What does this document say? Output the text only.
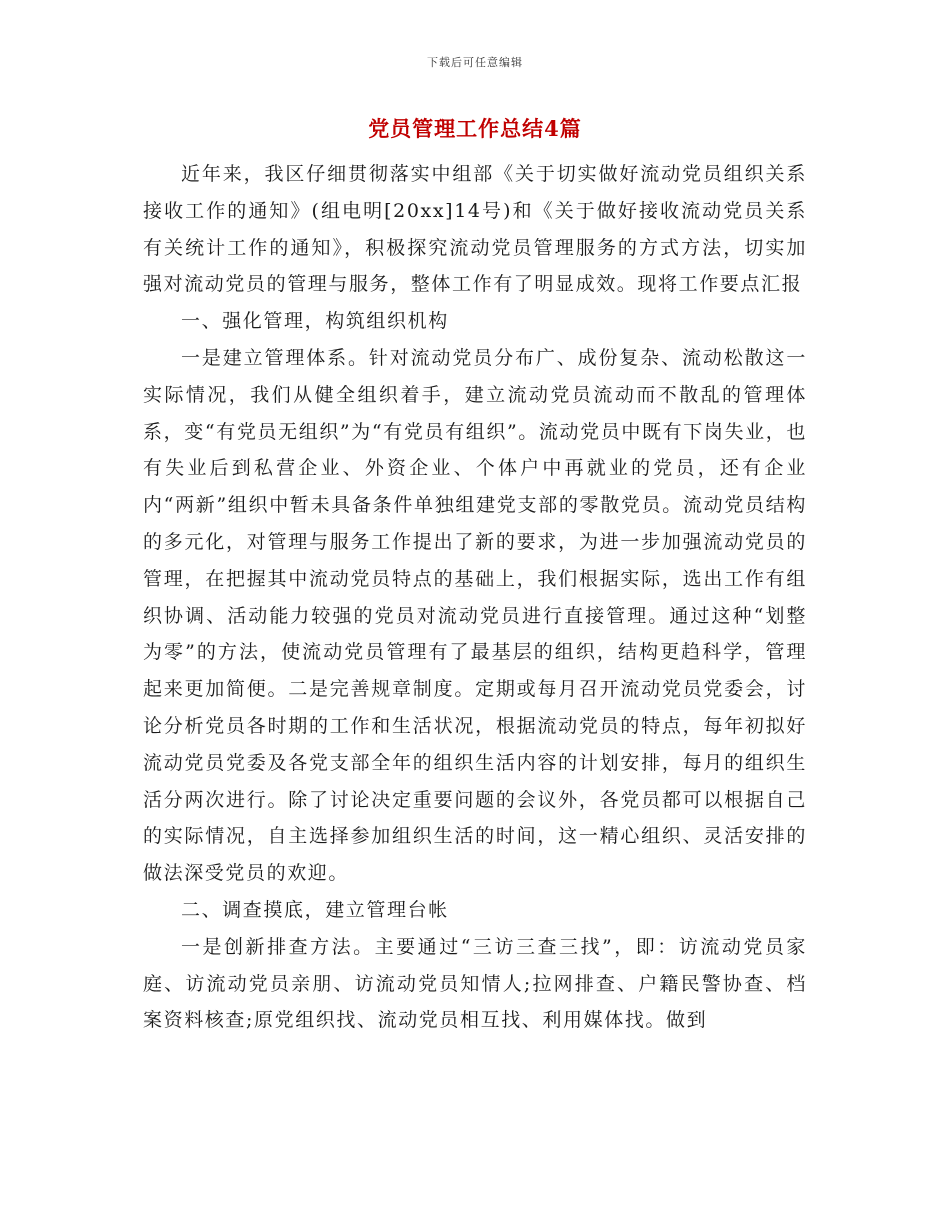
下载后可任意编辑
党员管理工作总结4篇

近年来，我区仔细贯彻落实中组部《关于切实做好流动党员组织关系接收工作的通知》(组电明[20xx]14号)和《关于做好接收流动党员关系有关统计工作的通知》，积极探究流动党员管理服务的方式方法，切实加强对流动党员的管理与服务，整体工作有了明显成效。现将工作要点汇报

一、强化管理，构筑组织机构

一是建立管理体系。针对流动党员分布广、成份复杂、流动松散这一实际情况，我们从健全组织着手，建立流动党员流动而不散乱的管理体系，变“有党员无组织”为“有党员有组织”。流动党员中既有下岗失业，也有失业后到私营企业、外资企业、个体户中再就业的党员，还有企业内“两新”组织中暂未具备条件单独组建党支部的零散党员。流动党员结构的多元化，对管理与服务工作提出了新的要求，为进一步加强流动党员的管理，在把握其中流动党员特点的基础上，我们根据实际，选出工作有组织协调、活动能力较强的党员对流动党员进行直接管理。通过这种“划整为零”的方法，使流动党员管理有了最基层的组织，结构更趋科学，管理起来更加简便。二是完善规章制度。定期或每月召开流动党员党委会，讨论分析党员各时期的工作和生活状况，根据流动党员的特点，每年初拟好流动党员党委及各党支部全年的组织生活内容的计划安排，每月的组织生活分两次进行。除了讨论决定重要问题的会议外，各党员都可以根据自己的实际情况，自主选择参加组织生活的时间，这一精心组织、灵活安排的做法深受党员的欢迎。

二、调查摸底，建立管理台帐

一是创新排查方法。主要通过“三访三查三找”，即：访流动党员家庭、访流动党员亲朋、访流动党员知情人;拉网排查、户籍民警协查、档案资料核查;原党组织找、流动党员相互找、利用媒体找。做到
